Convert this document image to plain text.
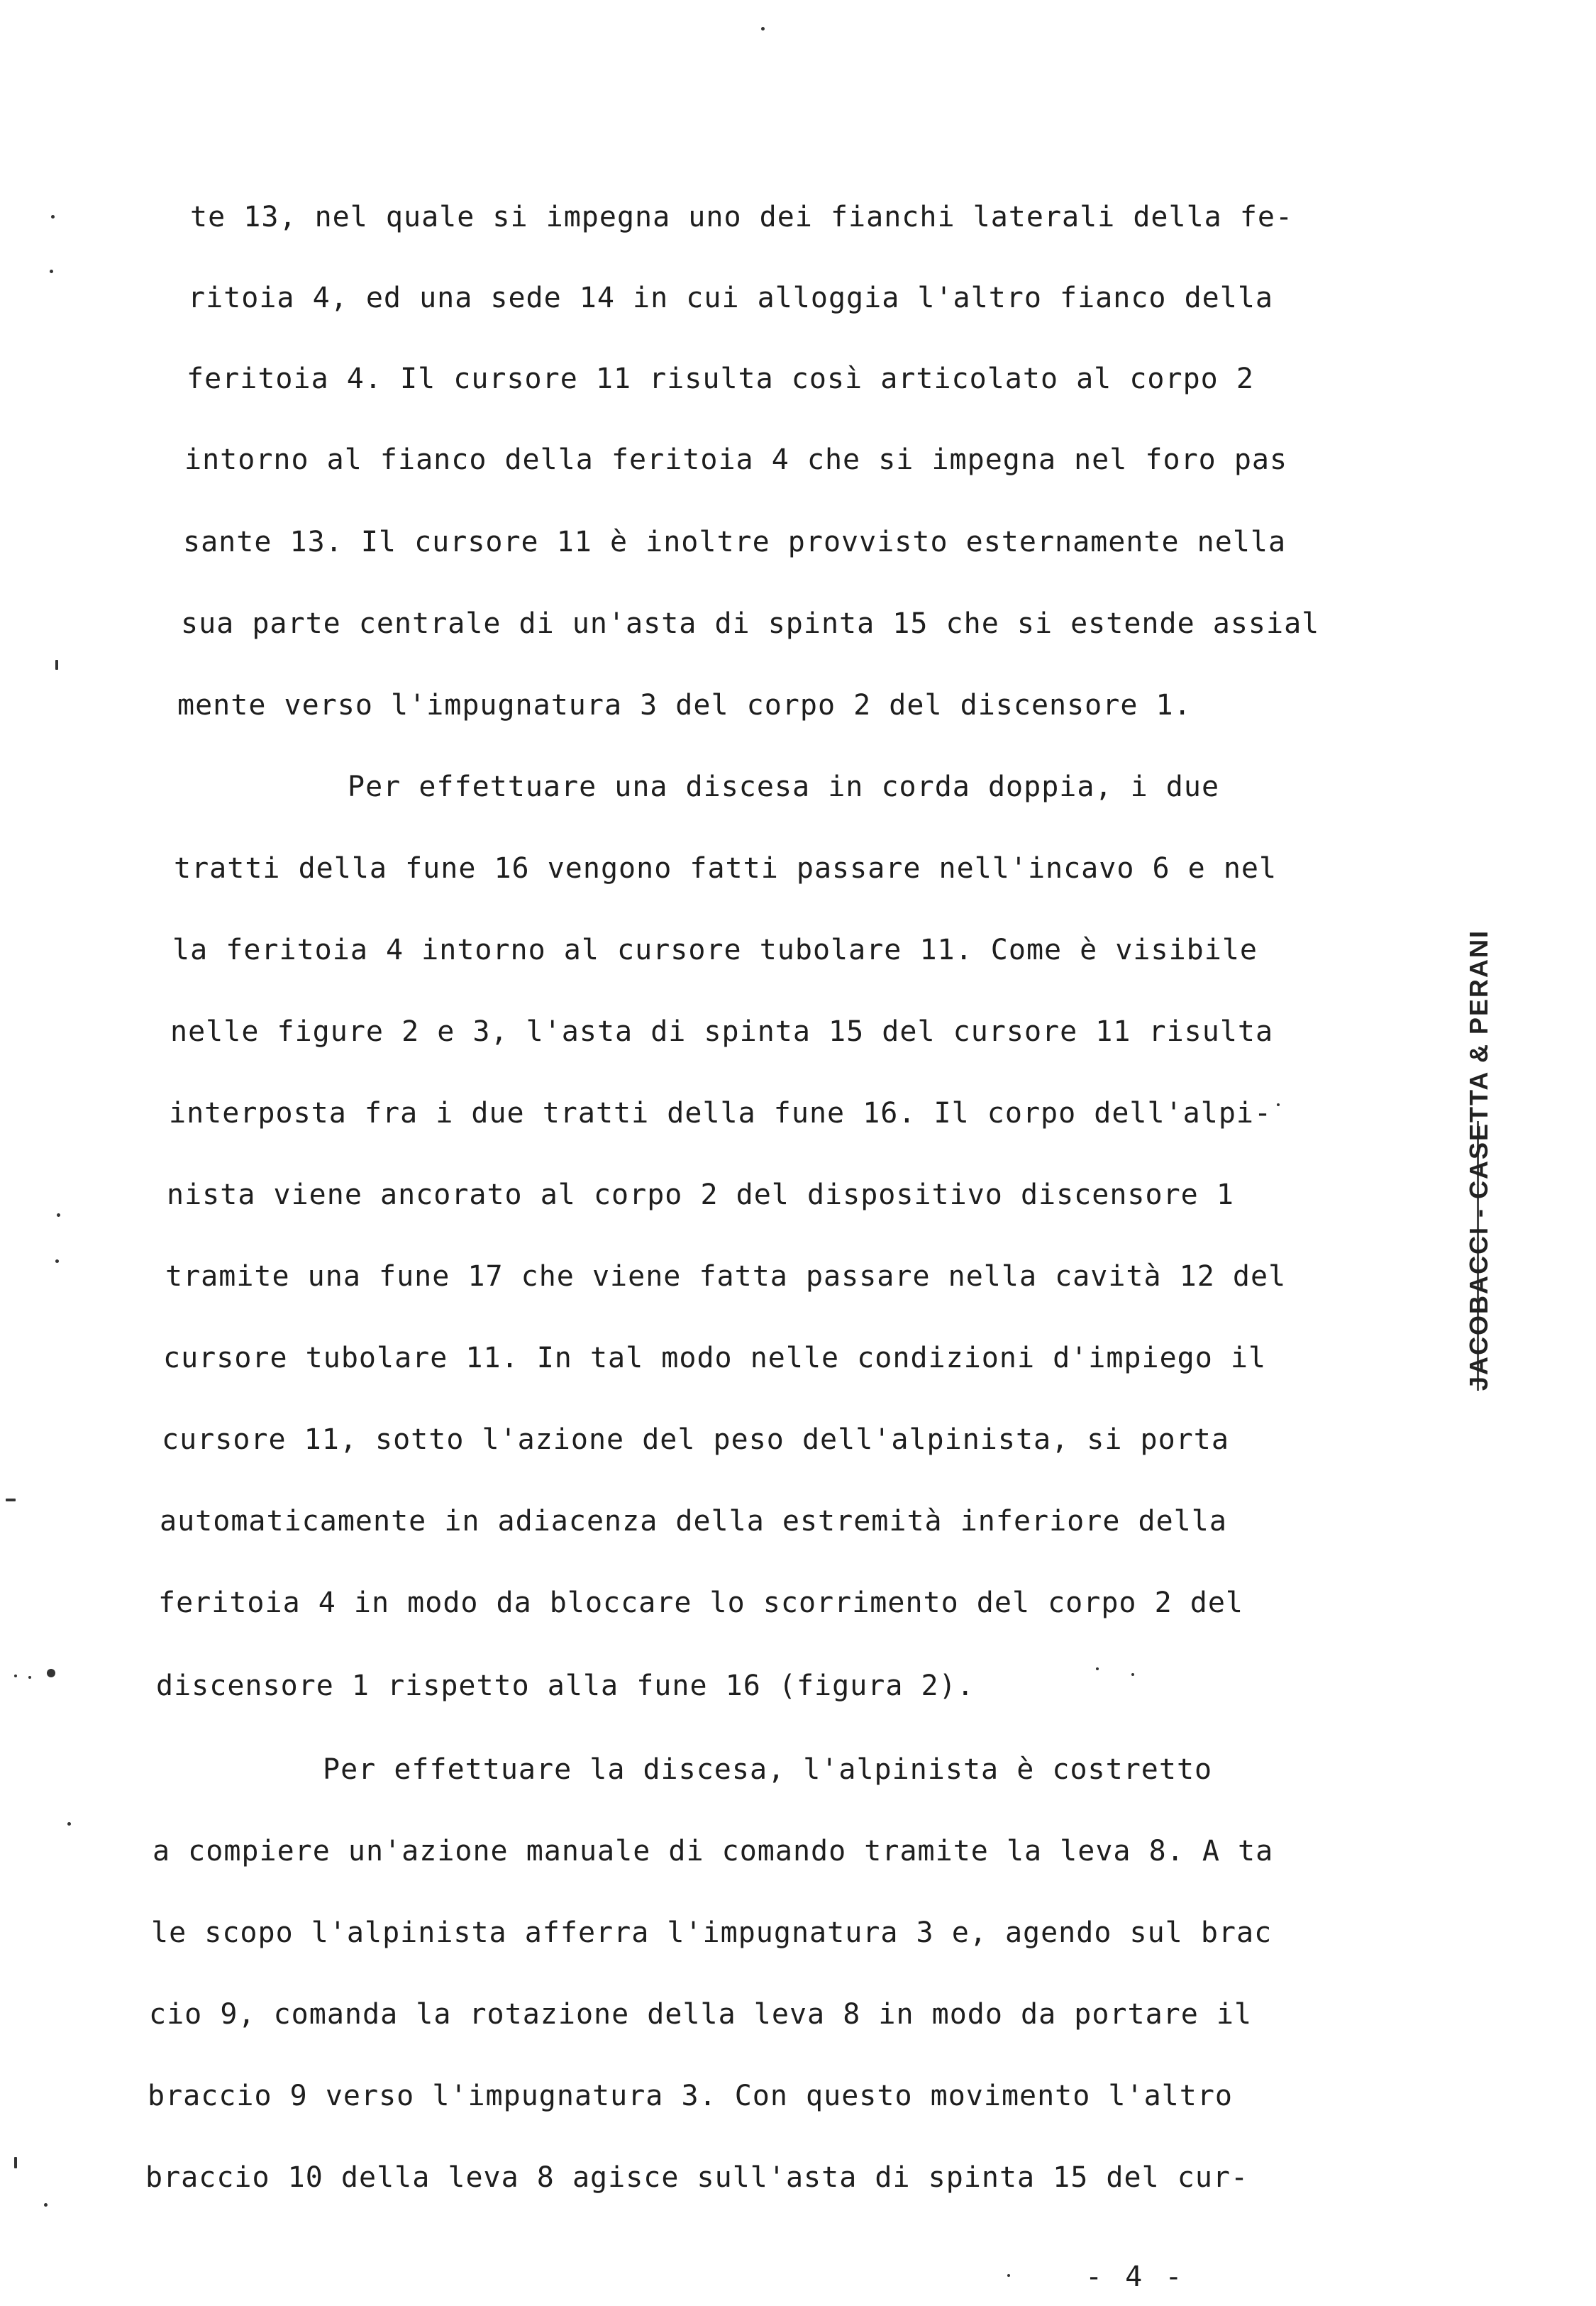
te 13, nel quale si impegna uno dei fianchi laterali della fe-
ritoia 4, ed una sede 14 in cui alloggia l'altro fianco della
feritoia 4. Il cursore 11 risulta così articolato al corpo 2
intorno al fianco della feritoia 4 che si impegna nel foro pas
sante 13. Il cursore 11 è inoltre provvisto esternamente nella
sua parte centrale di un'asta di spinta 15 che si estende assial
mente verso l'impugnatura 3 del corpo 2 del discensore 1.
Per effettuare una discesa in corda doppia, i due
tratti della fune 16 vengono fatti passare nell'incavo 6 e nel
la feritoia 4 intorno al cursore tubolare 11. Come è visibile
nelle figure 2 e 3, l'asta di spinta 15 del cursore 11 risulta
interposta fra i due tratti della fune 16. Il corpo dell'alpi-
nista viene ancorato al corpo 2 del dispositivo discensore 1
tramite una fune 17 che viene fatta passare nella cavità 12 del
cursore tubolare 11. In tal modo nelle condizioni d'impiego il
cursore 11, sotto l'azione del peso dell'alpinista, si porta
automaticamente in adiacenza della estremità inferiore della
feritoia 4 in modo da bloccare lo scorrimento del corpo 2 del
discensore 1 rispetto alla fune 16 (figura 2).
Per effettuare la discesa, l'alpinista è costretto
a compiere un'azione manuale di comando tramite la leva 8. A ta
le scopo l'alpinista afferra l'impugnatura 3 e, agendo sul brac
cio 9, comanda la rotazione della leva 8 in modo da portare il
braccio 9 verso l'impugnatura 3. Con questo movimento l'altro
braccio 10 della leva 8 agisce sull'asta di spinta 15 del cur-
- 4 -
JACOBACCI - CASETTA & PERANI
